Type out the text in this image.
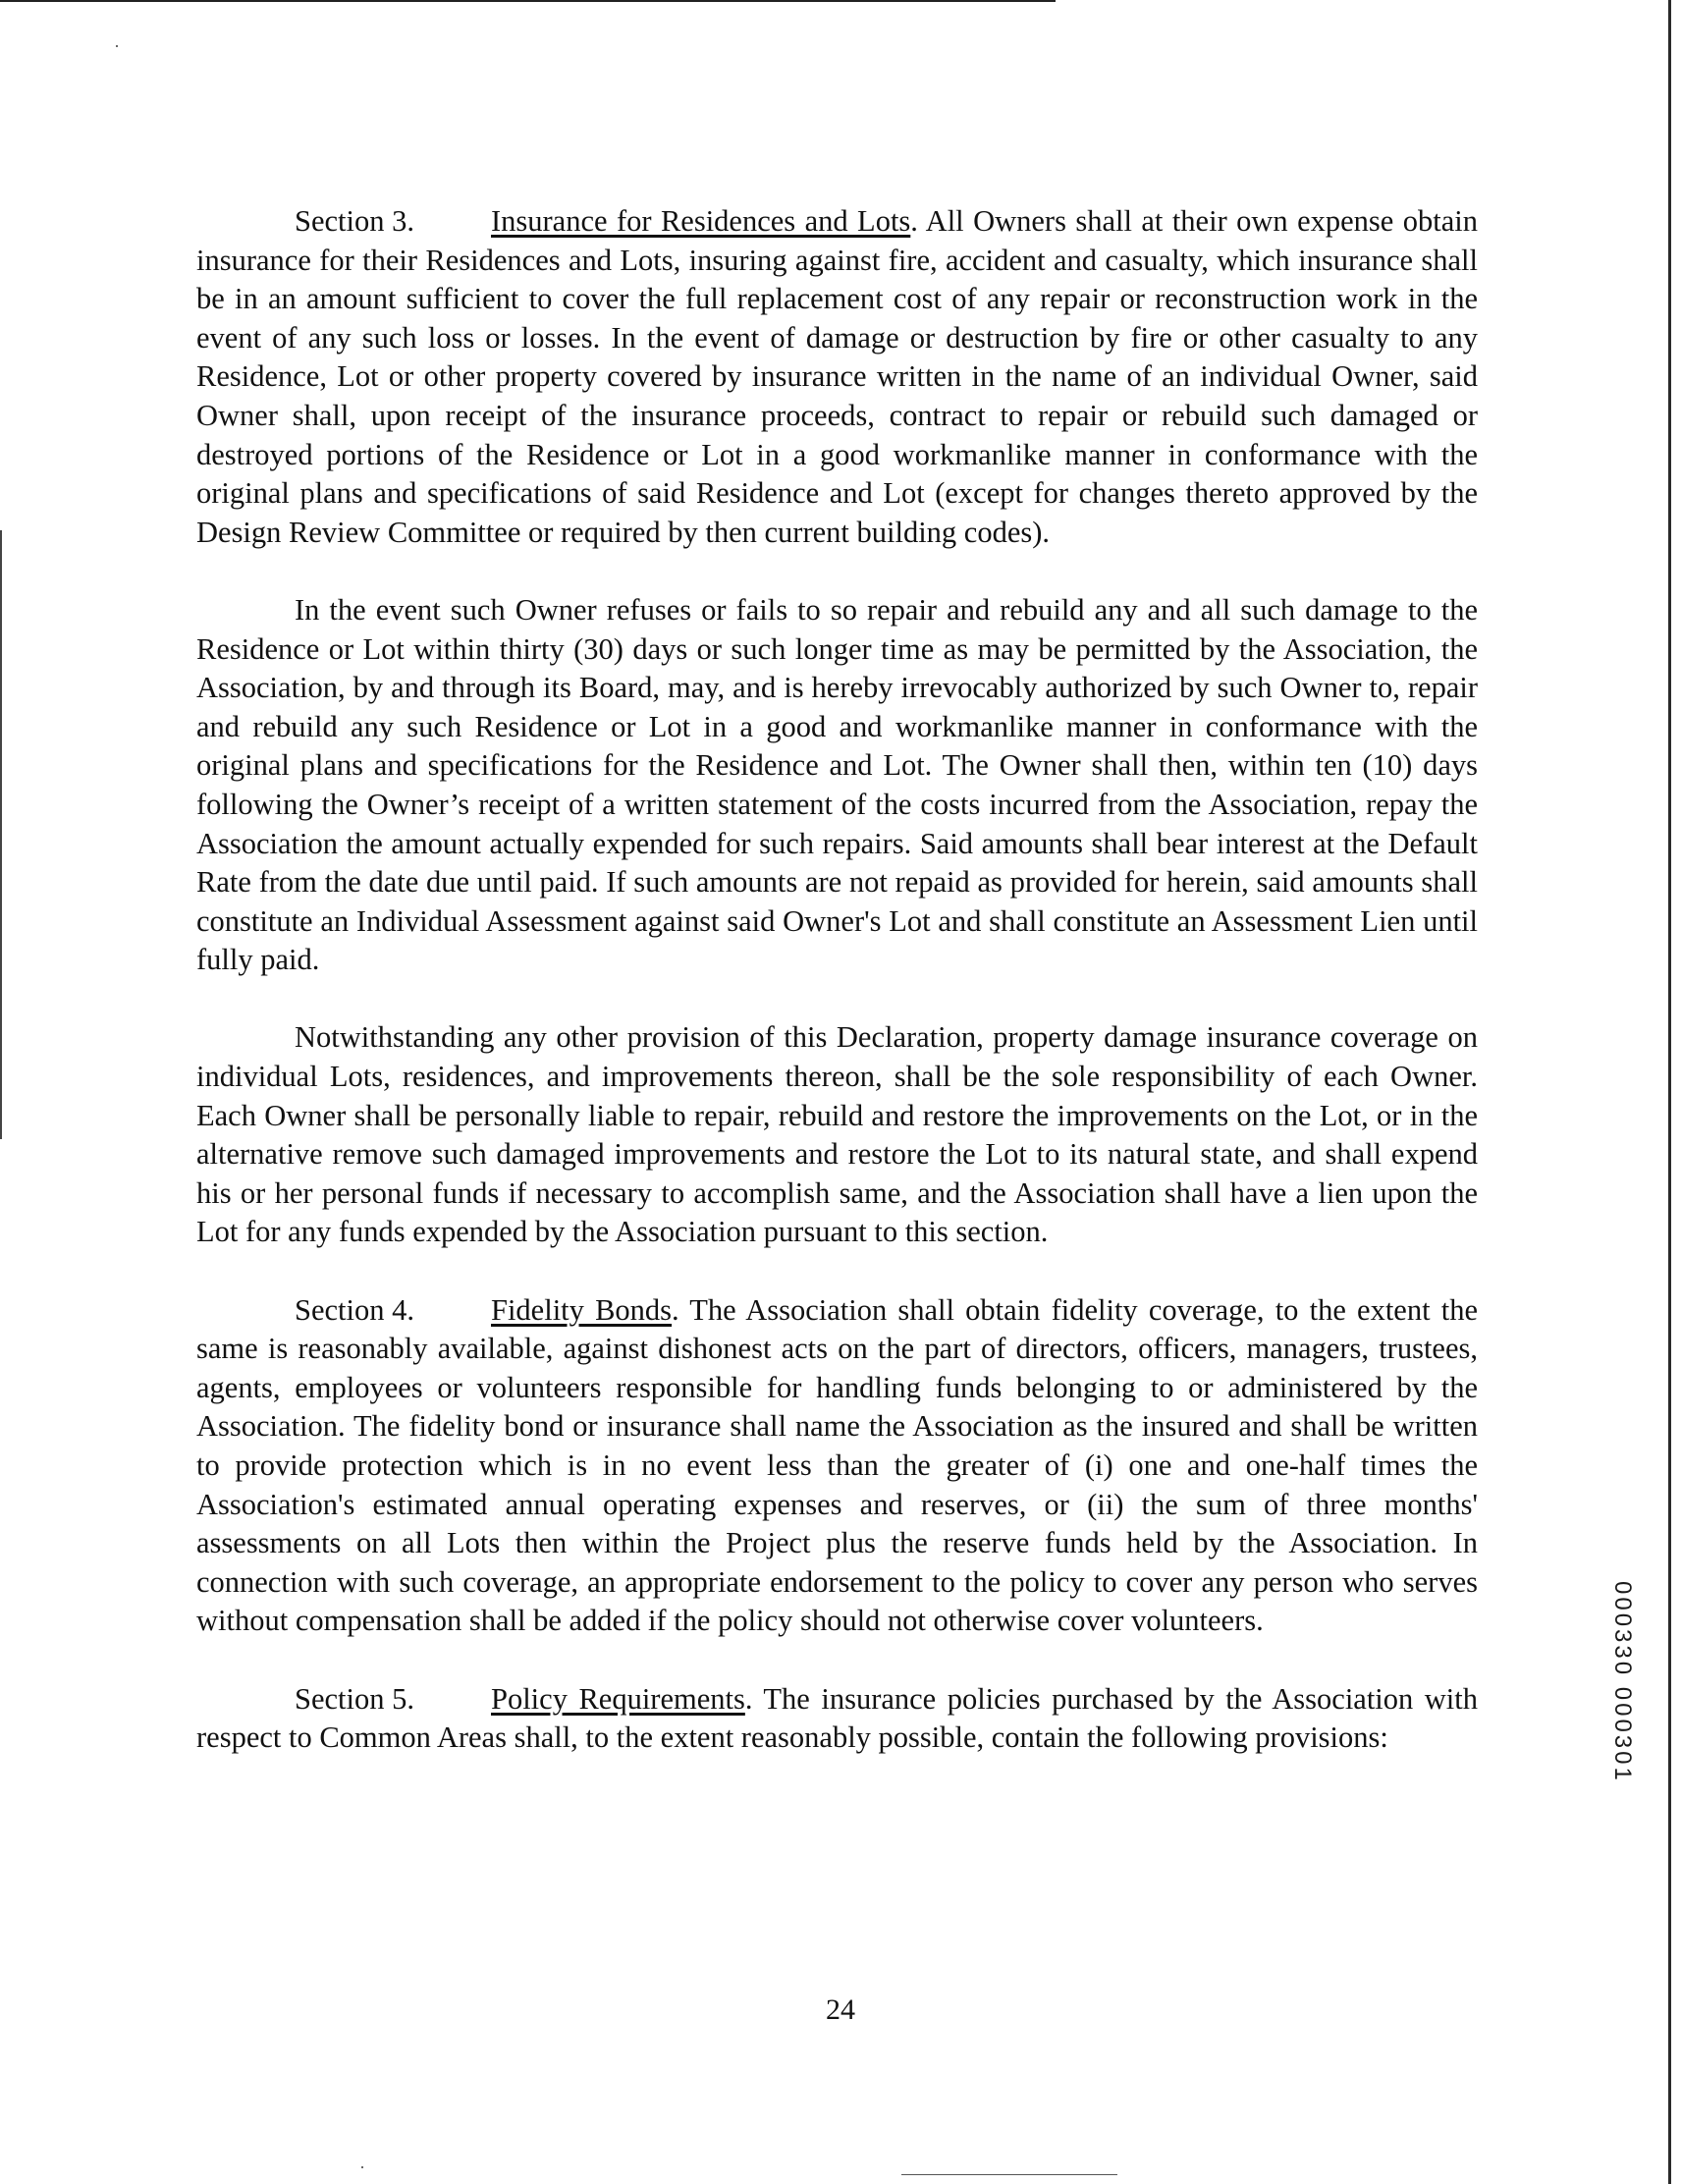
Section 3.	Insurance for Residences and Lots. All Owners shall at their own expense obtain insurance for their Residences and Lots, insuring against fire, accident and casualty, which insurance shall be in an amount sufficient to cover the full replacement cost of any repair or reconstruction work in the event of any such loss or losses. In the event of damage or destruction by fire or other casualty to any Residence, Lot or other property covered by insurance written in the name of an individual Owner, said Owner shall, upon receipt of the insurance proceeds, contract to repair or rebuild such damaged or destroyed portions of the Residence or Lot in a good workmanlike manner in conformance with the original plans and specifications of said Residence and Lot (except for changes thereto approved by the Design Review Committee or required by then current building codes).

In the event such Owner refuses or fails to so repair and rebuild any and all such damage to the Residence or Lot within thirty (30) days or such longer time as may be permitted by the Association, the Association, by and through its Board, may, and is hereby irrevocably authorized by such Owner to, repair and rebuild any such Residence or Lot in a good and workmanlike manner in conformance with the original plans and specifications for the Residence and Lot. The Owner shall then, within ten (10) days following the Owner’s receipt of a written statement of the costs incurred from the Association, repay the Association the amount actually expended for such repairs. Said amounts shall bear interest at the Default Rate from the date due until paid. If such amounts are not repaid as provided for herein, said amounts shall constitute an Individual Assessment against said Owner's Lot and shall constitute an Assessment Lien until fully paid.

Notwithstanding any other provision of this Declaration, property damage insurance coverage on individual Lots, residences, and improvements thereon, shall be the sole responsibility of each Owner. Each Owner shall be personally liable to repair, rebuild and restore the improvements on the Lot, or in the alternative remove such damaged improvements and restore the Lot to its natural state, and shall expend his or her personal funds if necessary to accomplish same, and the Association shall have a lien upon the Lot for any funds expended by the Association pursuant to this section.

Section 4.	Fidelity Bonds. The Association shall obtain fidelity coverage, to the extent the same is reasonably available, against dishonest acts on the part of directors, officers, managers, trustees, agents, employees or volunteers responsible for handling funds belonging to or administered by the Association. The fidelity bond or insurance shall name the Association as the insured and shall be written to provide protection which is in no event less than the greater of (i) one and one-half times the Association's estimated annual operating expenses and reserves, or (ii) the sum of three months' assessments on all Lots then within the Project plus the reserve funds held by the Association. In connection with such coverage, an appropriate endorsement to the policy to cover any person who serves without compensation shall be added if the policy should not otherwise cover volunteers.

Section 5.	Policy Requirements. The insurance policies purchased by the Association with respect to Common Areas shall, to the extent reasonably possible, contain the following provisions:

24
000330 000301
